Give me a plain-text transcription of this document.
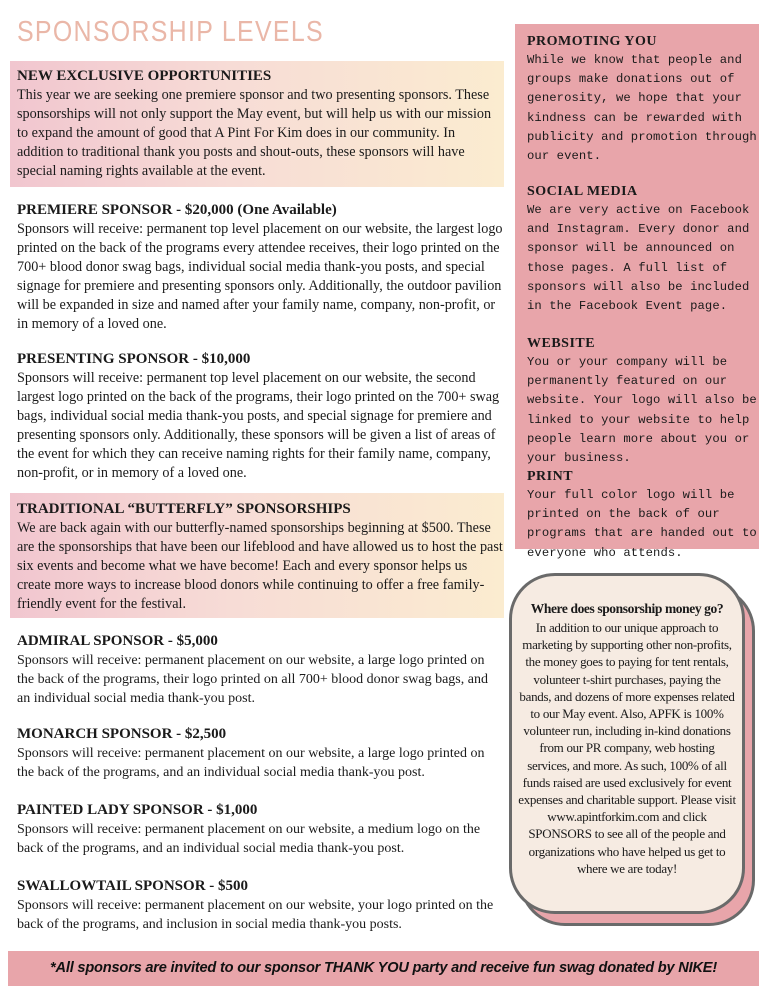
SPONSORSHIP LEVELS
NEW EXCLUSIVE OPPORTUNITIES

This year we are seeking one premiere sponsor and two presenting sponsors. These sponsorships will not only support the May event, but will help us with our mission to expand the amount of good that A Pint For Kim does in our community. In addition to traditional thank you posts and shout-outs, these sponsors will have special naming rights available at the event.

PREMIERE SPONSOR - $20,000 (One Available)

Sponsors will receive: permanent top level placement on our website, the largest logo printed on the back of the programs every attendee receives, their logo printed on the 700+ blood donor swag bags, individual social media thank-you posts, and special signage for premiere and presenting sponsors only. Additionally, the outdoor pavilion will be expanded in size and named after your family name, company, non-profit, or in memory of a loved one.

PRESENTING SPONSOR - $10,000

Sponsors will receive: permanent top level placement on our website, the second largest logo printed on the back of the programs, their logo printed on the 700+ swag bags, individual social media thank-you posts, and special signage for premiere and presenting sponsors only. Additionally, these sponsors will be given a list of areas of the event for which they can receive naming rights for their family name, company, non-profit, or in memory of a loved one.

TRADITIONAL “BUTTERFLY” SPONSORSHIPS

We are back again with our butterfly-named sponsorships beginning at $500. These are the sponsorships that have been our lifeblood and have allowed us to host the past six events and become what we have become! Each and every sponsor helps us create more ways to increase blood donors while continuing to offer a free family-friendly event for the festival.

ADMIRAL SPONSOR - $5,000

Sponsors will receive: permanent placement on our website, a large logo printed on the back of the programs, their logo printed on all 700+ blood donor swag bags, and an individual social media thank-you post.

MONARCH SPONSOR - $2,500

Sponsors will receive: permanent placement on our website, a large logo printed on the back of the programs, and an individual social media thank-you post.

PAINTED LADY SPONSOR - $1,000

Sponsors will receive: permanent placement on our website, a medium logo on the back of the programs, and an individual social media thank-you post.

SWALLOWTAIL SPONSOR - $500

Sponsors will receive: permanent placement on our website, your logo printed on the back of the programs, and inclusion in social media thank-you posts.

PROMOTING YOU

While we know that people and groups make donations out of generosity, we hope that your kindness can be rewarded with publicity and promotion through our event.

SOCIAL MEDIA

We are very active on Facebook and Instagram. Every donor and sponsor will be announced on those pages. A full list of sponsors will also be included in the Facebook Event page.

WEBSITE

You or your company will be permanently featured on our website. Your logo will also be linked to your website to help people learn more about you or your business.

PRINT

Your full color logo will be printed on the back of our programs that are handed out to everyone who attends.

Where does sponsorship money go?

In addition to our unique approach to marketing by supporting other non-profits, the money goes to paying for tent rentals, volunteer t-shirt purchases, paying the bands, and dozens of more expenses related to our May event. Also, APFK is 100% volunteer run, including in-kind donations from our PR company, web hosting services, and more. As such, 100% of all funds raised are used exclusively for event expenses and charitable support. Please visit www.apintforkim.com and click SPONSORS to see all of the people and organizations who have helped us get to where we are today!

*All sponsors are invited to our sponsor THANK YOU party and receive fun swag donated by NIKE!
